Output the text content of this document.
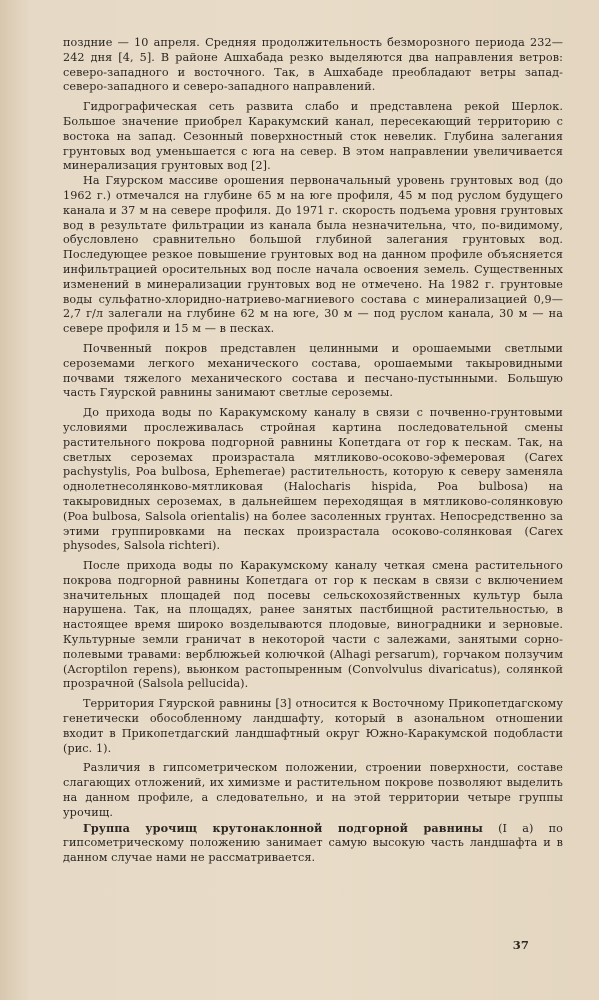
поздние — 10 апреля. Средняя продолжительность безморозного периода 232—242 дня [4, 5]. В районе Ашхабада резко выделяются два направления ветров: северо-западного и восточного. Так, в Ашхабаде преобладают ветры запад-северо-западного и северо-западного направлений.

Гидрографическая сеть развита слабо и представлена рекой Шерлок. Большое значение приобрел Каракумский канал, пересекающий территорию с востока на запад. Сезонный поверхностный сток невелик. Глубина залегания грунтовых вод уменьшается с юга на север. В этом направлении увеличивается минерализация грунтовых вод [2].

На Гяурском массиве орошения первоначальный уровень грунтовых вод (до 1962 г.) отмечался на глубине 65 м на юге профиля, 45 м под руслом будущего канала и 37 м на севере профиля. До 1971 г. скорость подъема уровня грунтовых вод в результате фильтрации из канала была незначительна, что, по-видимому, обусловлено сравнительно большой глубиной залегания грунтовых вод. Последующее резкое повышение грунтовых вод на данном профиле объясняется инфильтрацией оросительных вод после начала освоения земель. Существенных изменений в минерализации грунтовых вод не отмечено. На 1982 г. грунтовые воды сульфатно-хлоридно-натриево-магниевого состава с минерализацией 0,9—2,7 г/л залегали на глубине 62 м на юге, 30 м — под руслом канала, 30 м — на севере профиля и 15 м — в песках.

Почвенный покров представлен целинными и орошаемыми светлыми сероземами легкого механического состава, орошаемыми такыровидными почвами тяжелого механического состава и песчано-пустынными. Большую часть Гяурской равнины занимают светлые сероземы.

До прихода воды по Каракумскому каналу в связи с почвенно-грунтовыми условиями прослеживалась стройная картина последовательной смены растительного покрова подгорной равнины Копетдага от гор к пескам. Так, на светлых сероземах произрастала мятликово-осоково-эфемеровая (Carex pachystylis, Poa bulbosa, Ephemerae) растительность, которую к северу заменяла однолетнесолянково-мятликовая (Halocharis hispida, Poa bulbosa) на такыровидных сероземах, в дальнейшем переходящая в мятликово-солянковую (Poa bulbosa, Salsola orientalis) на более засоленных грунтах. Непосредственно за этими группировками на песках произрастала осоково-солянковая (Carex physodes, Salsola richteri).

После прихода воды по Каракумскому каналу четкая смена растительного покрова подгорной равнины Копетдага от гор к пескам в связи с включением значительных площадей под посевы сельскохозяйственных культур была нарушена. Так, на площадях, ранее занятых пастбищной растительностью, в настоящее время широко возделываются плодовые, виноградники и зерновые. Культурные земли граничат в некоторой части с залежами, занятыми сорно-полевыми травами: верблюжьей колючкой (Alhagi persarum), горчаком ползучим (Acroptilon repens), вьюнком растопыренным (Convolvulus divaricatus), солянкой прозрачной (Salsola pellucida).

Территория Гяурской равнины [3] относится к Восточному Прикопетдагскому генетически обособленному ландшафту, который в азональном отношении входит в Прикопетдагский ландшафтный округ Южно-Каракумской подобласти (рис. 1).

Различия в гипсометрическом положении, строении поверхности, составе слагающих отложений, их химизме и растительном покрове позволяют выделить на данном профиле, а следовательно, и на этой территории четыре группы урочищ.

Группа урочищ крутонаклонной подгорной равнины (I а) по гипсометрическому положению занимает самую высокую часть ландшафта и в данном случае нами не рассматривается.

37
